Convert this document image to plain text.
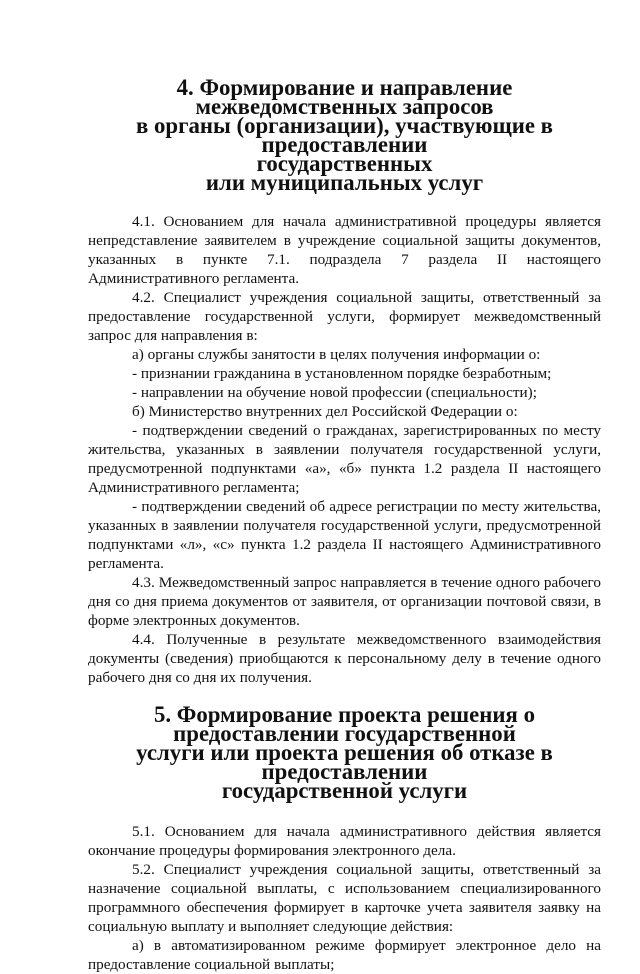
4. Формирование и направление межведомственных запросов
в органы (организации), участвующие в предоставлении
государственных
или муниципальных услуг

4.1. Основанием для начала административной процедуры является непредставление заявителем в учреждение социальной защиты документов, указанных в пункте 7.1. подраздела 7 раздела II настоящего Административного регламента.

4.2. Специалист учреждения социальной защиты, ответственный за предоставление государственной услуги, формирует межведомственный запрос для направления в:

а) органы службы занятости в целях получения информации о:

- признании гражданина в установленном порядке безработным;

- направлении на обучение новой профессии (специальности);

б) Министерство внутренних дел Российской Федерации о:

- подтверждении сведений о гражданах, зарегистрированных по месту жительства, указанных в заявлении получателя государственной услуги, предусмотренной подпунктами «а», «б» пункта 1.2 раздела II настоящего Административного регламента;

- подтверждении сведений об адресе регистрации по месту жительства, указанных в заявлении получателя государственной услуги, предусмотренной подпунктами «л», «с» пункта 1.2 раздела II настоящего Административного регламента.

4.3. Межведомственный запрос направляется в течение одного рабочего дня со дня приема документов от заявителя, от организации почтовой связи, в форме электронных документов.

4.4. Полученные в результате межведомственного взаимодействия документы (сведения) приобщаются к персональному делу в течение одного рабочего дня со дня их получения.

5. Формирование проекта решения о предоставлении государственной
услуги или проекта решения об отказе в предоставлении
государственной услуги

5.1. Основанием для начала административного действия является окончание процедуры формирования электронного дела.

5.2. Специалист учреждения социальной защиты, ответственный за назначение социальной выплаты, с использованием специализированного программного обеспечения формирует в карточке учета заявителя заявку на социальную выплату и выполняет следующие действия:

а) в автоматизированном режиме формирует электронное дело на предоставление социальной выплаты;
